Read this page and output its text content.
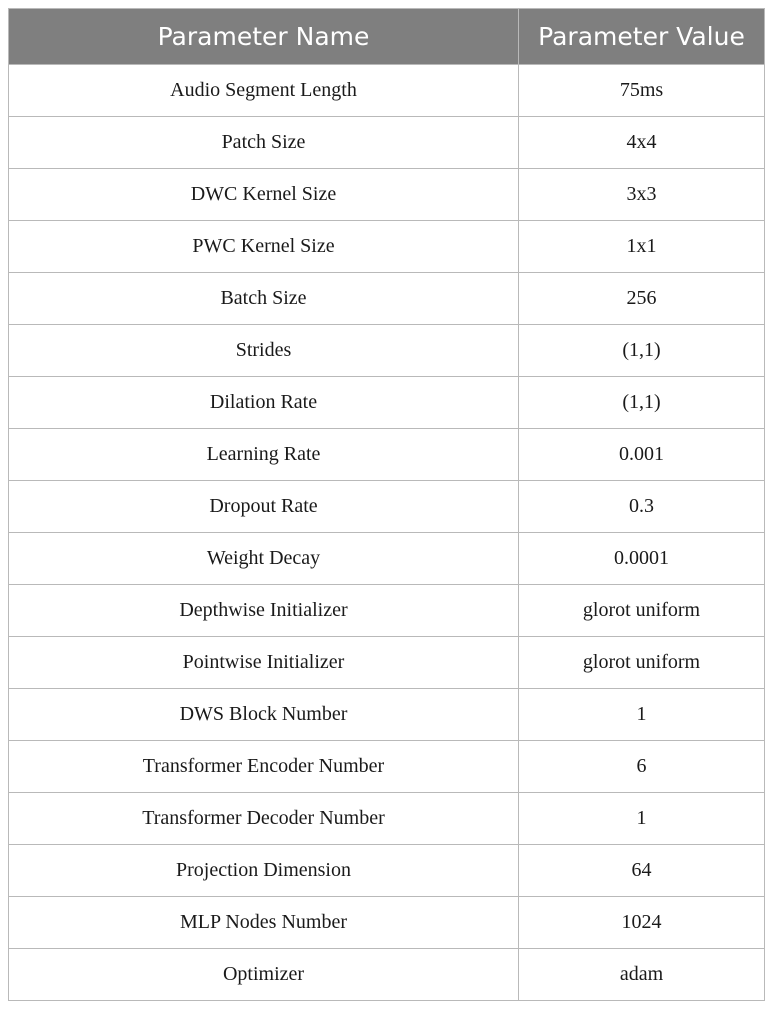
Parameter Name	Parameter Value
Audio Segment Length	75ms
Patch Size	4x4
DWC Kernel Size	3x3
PWC Kernel Size	1x1
Batch Size	256
Strides	(1,1)
Dilation Rate	(1,1)
Learning Rate	0.001
Dropout Rate	0.3
Weight Decay	0.0001
Depthwise Initializer	glorot uniform
Pointwise Initializer	glorot uniform
DWS Block Number	1
Transformer Encoder Number	6
Transformer Decoder Number	1
Projection Dimension	64
MLP Nodes Number	1024
Optimizer	adam
